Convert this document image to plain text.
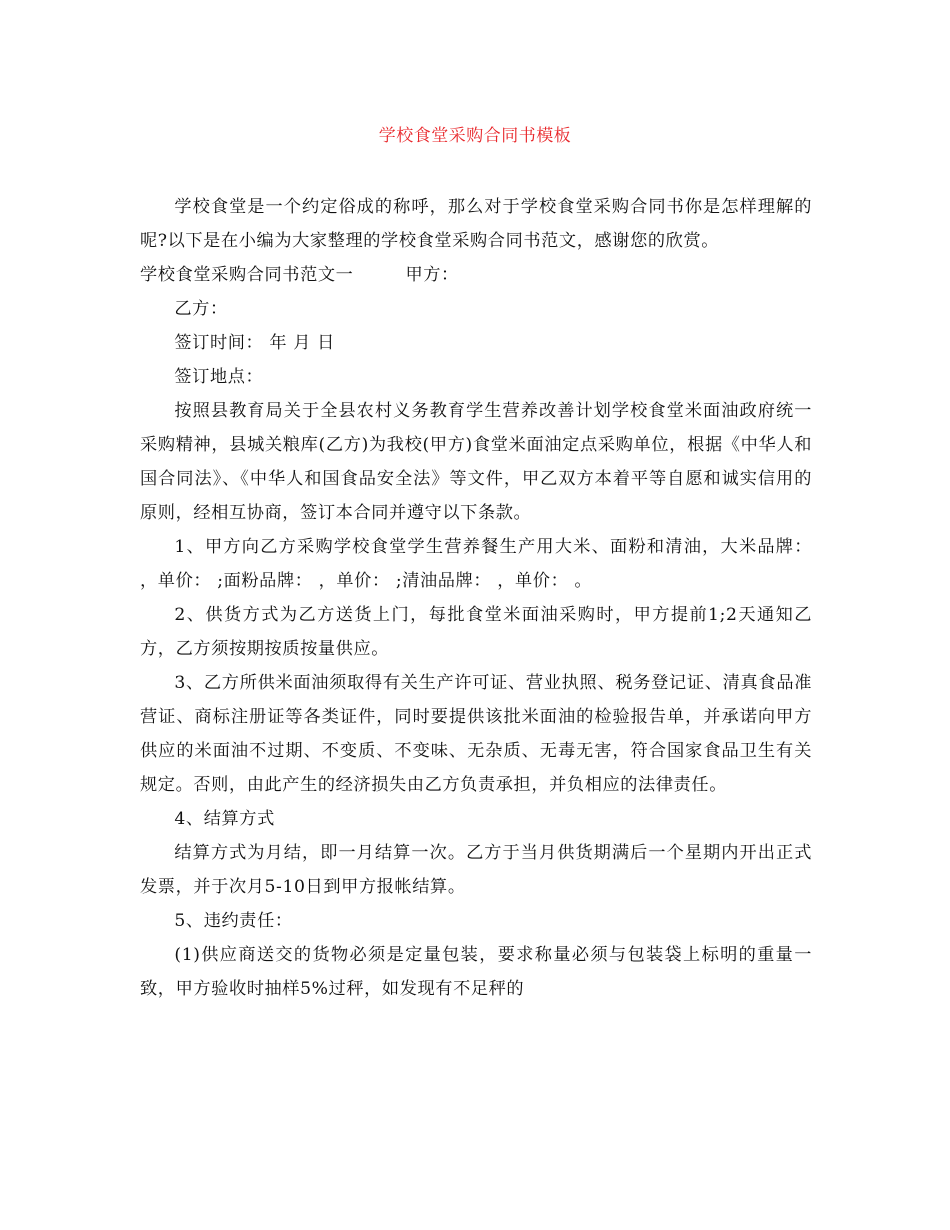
学校食堂采购合同书模板

学校食堂是一个约定俗成的称呼，那么对于学校食堂采购合同书你是怎样理解的呢?以下是在小编为大家整理的学校食堂采购合同书范文，感谢您的欣赏。

学校食堂采购合同书范文一	甲方：

乙方：

签订时间： 年 月 日

签订地点：

按照县教育局关于全县农村义务教育学生营养改善计划学校食堂米面油政府统一采购精神，县城关粮库(乙方)为我校(甲方)食堂米面油定点采购单位，根据《中华人和国合同法》、《中华人和国食品安全法》等文件，甲乙双方本着平等自愿和诚实信用的原则，经相互协商，签订本合同并遵守以下条款。

1、甲方向乙方采购学校食堂学生营养餐生产用大米、面粉和清油，大米品牌： ，单价： ;面粉品牌： ，单价： ;清油品牌： ，单价： 。

2、供货方式为乙方送货上门，每批食堂米面油采购时，甲方提前1;2天通知乙方，乙方须按期按质按量供应。

3、乙方所供米面油须取得有关生产许可证、营业执照、税务登记证、清真食品准营证、商标注册证等各类证件，同时要提供该批米面油的检验报告单，并承诺向甲方供应的米面油不过期、不变质、不变味、无杂质、无毒无害，符合国家食品卫生有关规定。否则，由此产生的经济损失由乙方负责承担，并负相应的法律责任。

4、结算方式

结算方式为月结，即一月结算一次。乙方于当月供货期满后一个星期内开出正式发票，并于次月5-10日到甲方报帐结算。

5、违约责任：

(1)供应商送交的货物必须是定量包装，要求称量必须与包装袋上标明的重量一致，甲方验收时抽样5%过秤，如发现有不足秤的
